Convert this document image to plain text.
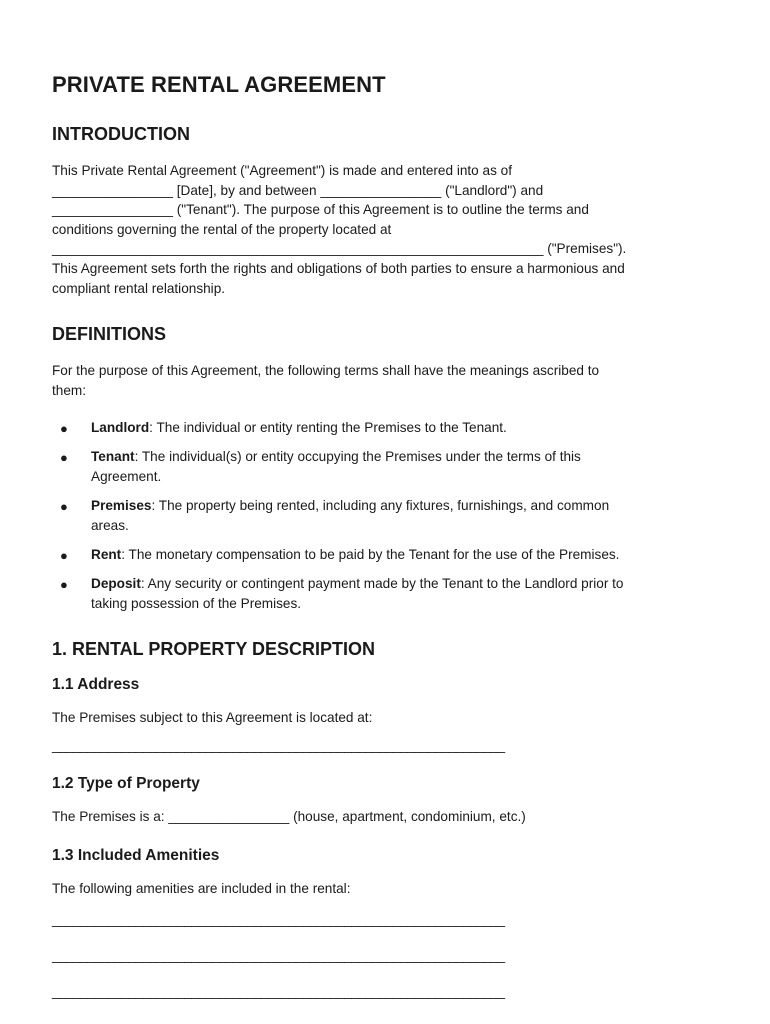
PRIVATE RENTAL AGREEMENT
INTRODUCTION

This Private Rental Agreement ("Agreement") is made and entered into as of
________________ [Date], by and between ________________ ("Landlord") and
________________ ("Tenant"). The purpose of this Agreement is to outline the terms and
conditions governing the rental of the property located at
_________________________________________________________________ ("Premises").
This Agreement sets forth the rights and obligations of both parties to ensure a harmonious and
compliant rental relationship.

DEFINITIONS

For the purpose of this Agreement, the following terms shall have the meanings ascribed to
them:

● Landlord: The individual or entity renting the Premises to the Tenant.
● Tenant: The individual(s) or entity occupying the Premises under the terms of this
Agreement.
● Premises: The property being rented, including any fixtures, furnishings, and common
areas.
● Rent: The monetary compensation to be paid by the Tenant for the use of the Premises.
● Deposit: Any security or contingent payment made by the Tenant to the Landlord prior to
taking possession of the Premises.
1. RENTAL PROPERTY DESCRIPTION
1.1 Address

The Premises subject to this Agreement is located at:

_________________________________________________________________

1.2 Type of Property

The Premises is a: ________________ (house, apartment, condominium, etc.)

1.3 Included Amenities

The following amenities are included in the rental:

_________________________________________________________________

_________________________________________________________________

_________________________________________________________________
